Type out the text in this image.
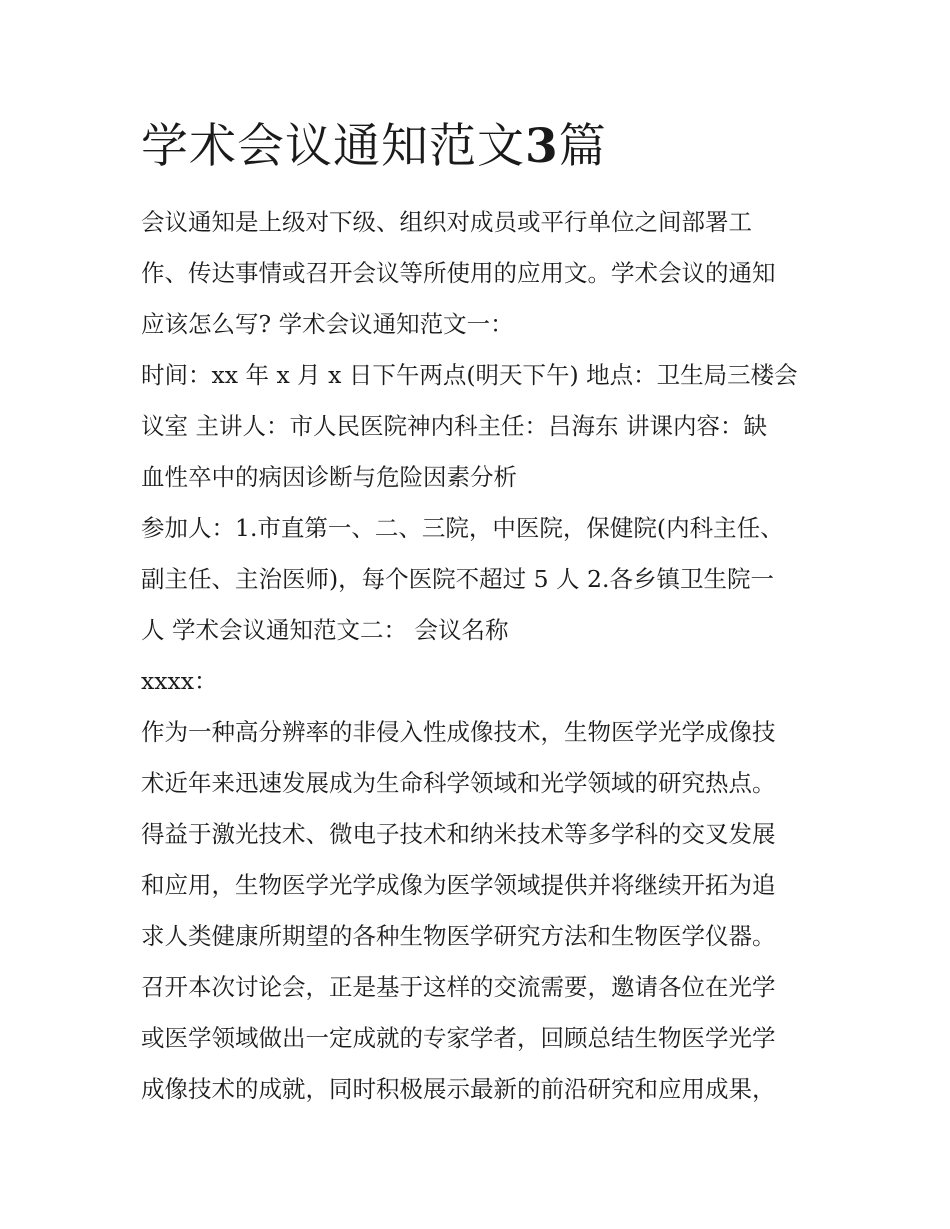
学术会议通知范文3篇

会议通知是上级对下级、组织对成员或平行单位之间部署工

作、传达事情或召开会议等所使用的应用文。学术会议的通知

应该怎么写? 学术会议通知范文一：

时间：xx 年 x 月 x 日下午两点(明天下午) 地点：卫生局三楼会

议室 主讲人：市人民医院神内科主任：吕海东 讲课内容：缺

血性卒中的病因诊断与危险因素分析

参加人：1.市直第一、二、三院，中医院，保健院(内科主任、

副主任、主治医师)，每个医院不超过 5 人 2.各乡镇卫生院一

人 学术会议通知范文二： 会议名称

xxxx：

作为一种高分辨率的非侵入性成像技术，生物医学光学成像技

术近年来迅速发展成为生命科学领域和光学领域的研究热点。

得益于激光技术、微电子技术和纳米技术等多学科的交叉发展

和应用，生物医学光学成像为医学领域提供并将继续开拓为追

求人类健康所期望的各种生物医学研究方法和生物医学仪器。

召开本次讨论会，正是基于这样的交流需要，邀请各位在光学

或医学领域做出一定成就的专家学者，回顾总结生物医学光学

成像技术的成就，同时积极展示最新的前沿研究和应用成果，
